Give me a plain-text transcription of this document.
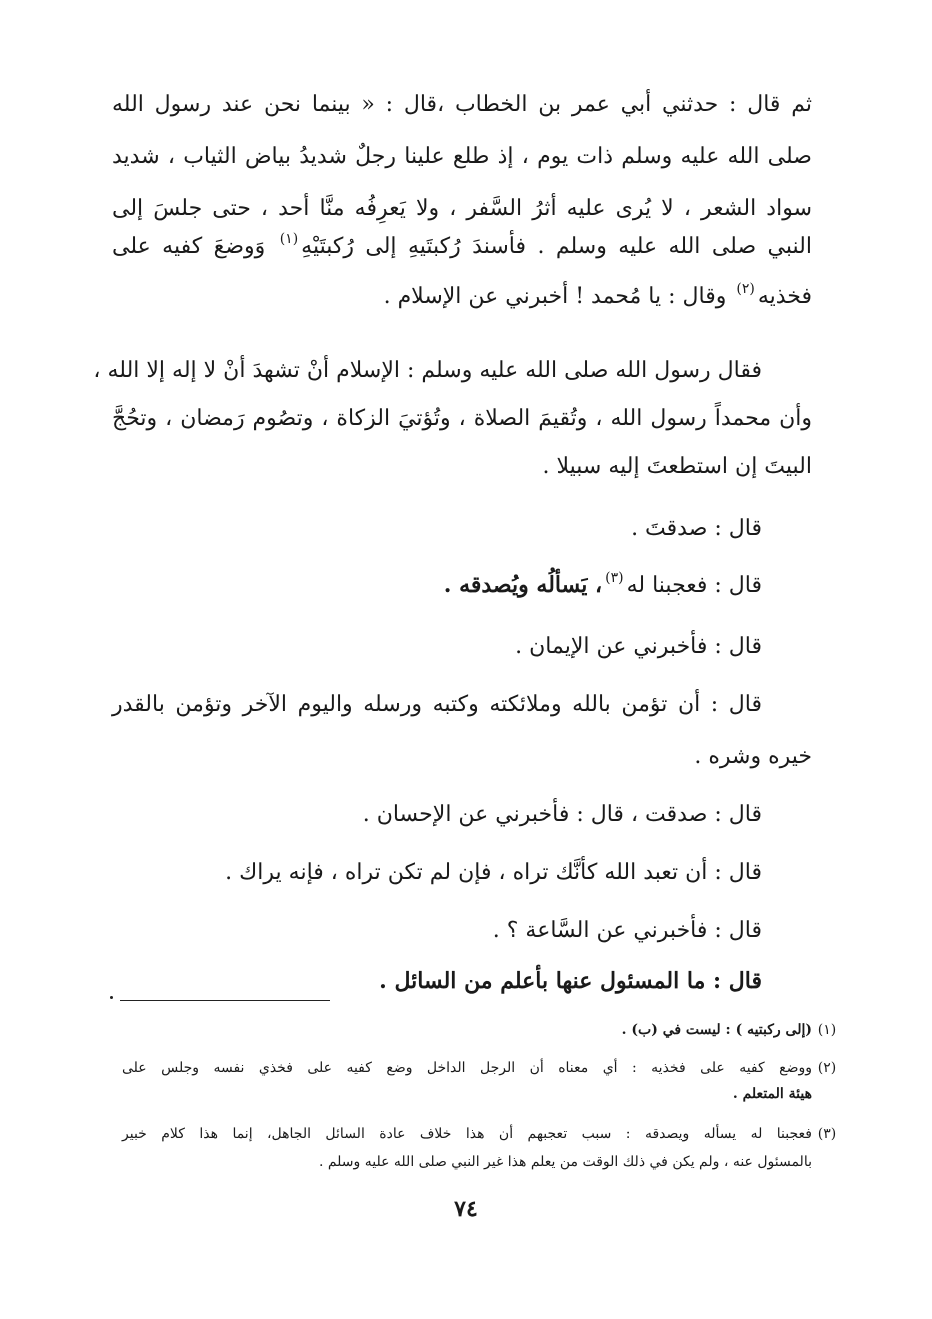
ثم قال : حدثني أبي عمر بن الخطاب ،قال : « بينما نحن عند رسول الله
صلى الله عليه وسلم ذات يوم ، إذ طلع علينا رجلٌ شديدُ بياض الثياب ، شديد
سواد الشعر ، لا يُرى عليه أثرُ السَّفر ، ولا يَعرِفُه منَّا أحد ، حتى جلسَ إلى
النبي صلى الله عليه وسلم . فأسندَ رُكبتَيهِ إلى رُكبتَيْهِ$^{(١)}$ وَوضعَ كفيه على
فخذيه$^{(٢)}$ وقال : يا مُحمد ! أخبرني عن الإسلام .
فقال رسول الله صلى الله عليه وسلم : الإسلام أنْ تشهدَ أنْ لا إله إلا الله ،
وأن محمداً رسول الله ، وتُقيمَ الصلاة ، وتُؤتيَ الزكاة ، وتصُوم رَمضان ، وتحُجَّ
البيتَ إن استطعتَ إليه سبيلا .
قال : صدقتَ .
قال : فعجبنا له$^{(٣)}$، يَسألُه ويُصدقه .
قال : فأخبرني عن الإيمان .
قال : أن تؤمن بالله وملائكته وكتبه ورسله واليوم الآخر وتؤمن بالقدر
خيره وشره .
قال : صدقت ، قال : فأخبرني عن الإحسان .
قال : أن تعبد الله كأنَّك تراه ، فإن لم تكن تراه ، فإنه يراك .
قال : فأخبرني عن السَّاعة ؟ .
قال : ما المسئول عنها بأعلم من السائل .
(١)
(إلى ركبتيه ) : ليست في (ب) .
(٢)
ووضع كفيه على فخذيه : أي معناه أن الرجل الداخل وضع كفيه على فخذي نفسه وجلس على
هيئة المتعلم .
(٣)
فعجبنا له يسأله ويصدقه : سبب تعجبهم أن هذا خلاف عادة السائل الجاهل، إنما هذا كلام خبير
بالمسئول عنه ، ولم يكن في ذلك الوقت من يعلم هذا غير النبي صلى الله عليه وسلم .
٧٤
